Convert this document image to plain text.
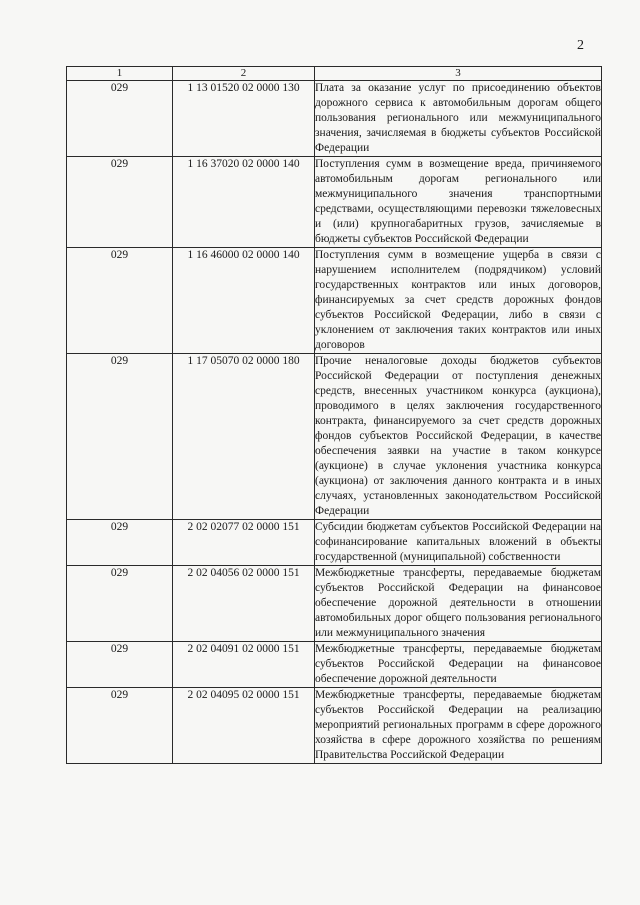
2
1	2	3
029	1 13 01520 02 0000 130	Плата за оказание услуг по присоединению объектов дорожного сервиса к автомобильным дорогам общего пользования регионального или межмуниципального значения, зачисляемая в бюджеты субъектов Российской Федерации
029	1 16 37020 02 0000 140	Поступления сумм в возмещение вреда, причиняемого автомобильным дорогам регионального или межмуниципального значения транспортными средствами, осуществляющими перевозки тяжеловесных и (или) крупногабаритных грузов, зачисляемые в бюджеты субъектов Российской Федерации
029	1 16 46000 02 0000 140	Поступления сумм в возмещение ущерба в связи с нарушением исполнителем (подрядчиком) условий государственных контрактов или иных договоров, финансируемых за счет средств дорожных фондов субъектов Российской Федерации, либо в связи с уклонением от заключения таких контрактов или иных договоров
029	1 17 05070 02 0000 180	Прочие неналоговые доходы бюджетов субъектов Российской Федерации от поступления денежных средств, внесенных участником конкурса (аукциона), проводимого в целях заключения государственного контракта, финансируемого за счет средств дорожных фондов субъектов Российской Федерации, в качестве обеспечения заявки на участие в таком конкурсе (аукционе) в случае уклонения участника конкурса (аукциона) от заключения данного контракта и в иных случаях, установленных законодательством Российской Федерации
029	2 02 02077 02 0000 151	Субсидии бюджетам субъектов Российской Федерации на софинансирование капитальных вложений в объекты государственной (муниципальной) собственности
029	2 02 04056 02 0000 151	Межбюджетные трансферты, передаваемые бюджетам субъектов Российской Федерации на финансовое обеспечение дорожной деятельности в отношении автомобильных дорог общего пользования регионального или межмуниципального значения
029	2 02 04091 02 0000 151	Межбюджетные трансферты, передаваемые бюджетам субъектов Российской Федерации на финансовое обеспечение дорожной деятельности
029	2 02 04095 02 0000 151	Межбюджетные трансферты, передаваемые бюджетам субъектов Российской Федерации на реализацию мероприятий региональных программ в сфере дорожного хозяйства в сфере дорожного хозяйства по решениям Правительства Российской Федерации
